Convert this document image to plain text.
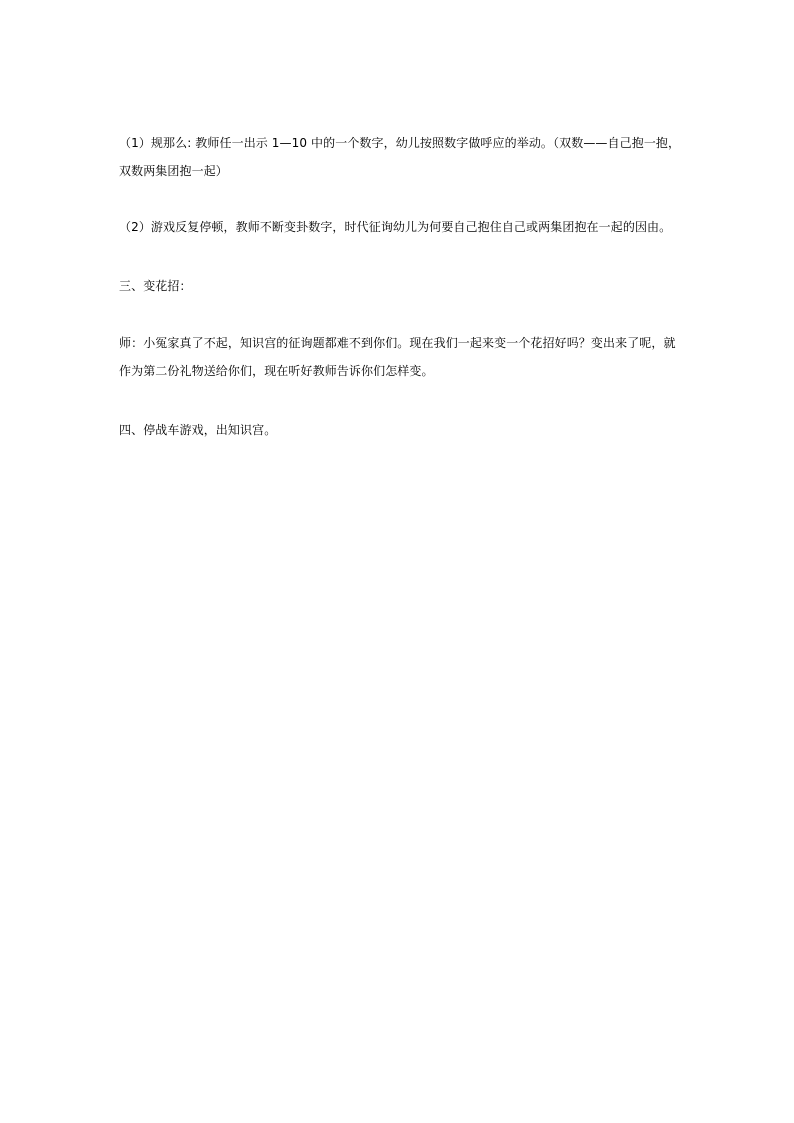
（1）规那么: 教师任一出示 1—10 中的一个数字，幼儿按照数字做呼应的举动。（双数——自己抱一抱，
双数两集团抱一起）

（2）游戏反复停顿，教师不断变卦数字，时代征询幼儿为何要自己抱住自己或两集团抱在一起的因由。

三、变花招：

师：小冤家真了不起，知识宫的征询题都难不到你们。现在我们一起来变一个花招好吗？变出来了呢，就
作为第二份礼物送给你们，现在听好教师告诉你们怎样变。

四、停战车游戏，出知识宫。
